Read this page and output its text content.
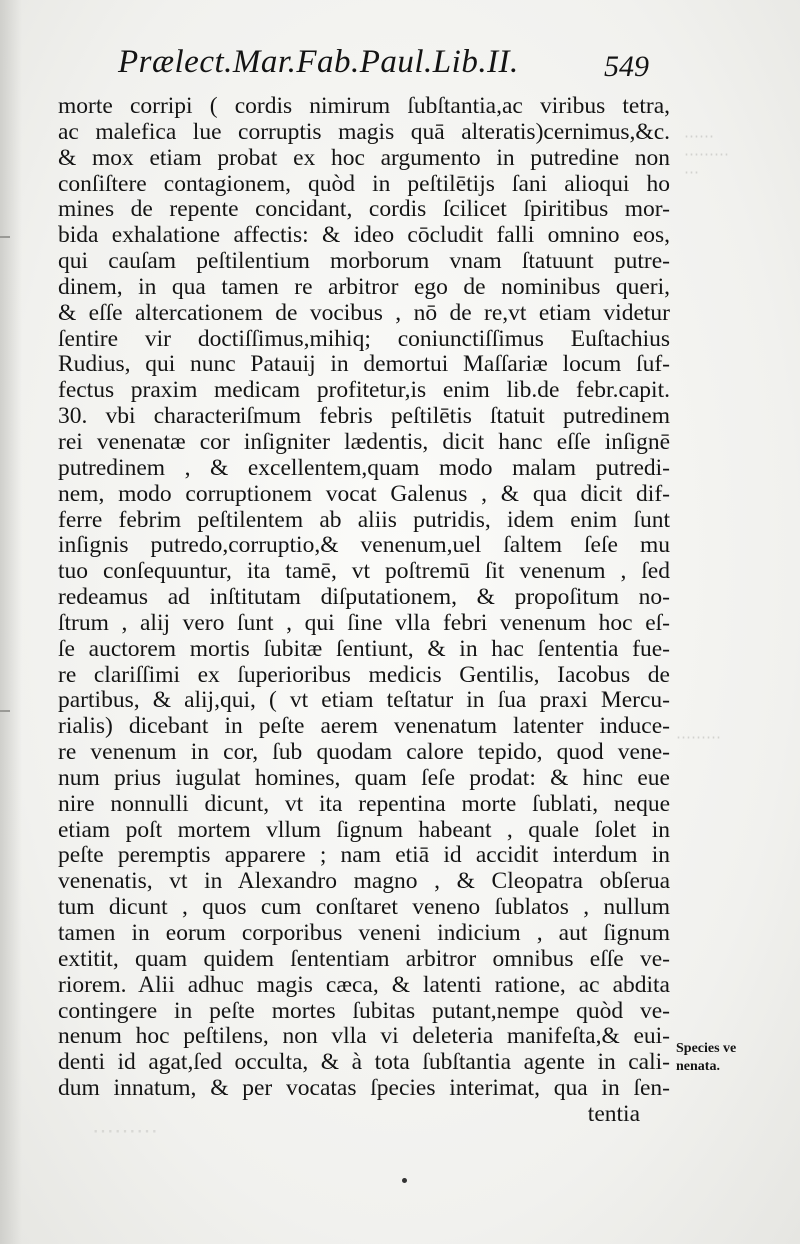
Prælect.Mar.Fab.Paul.Lib.II.	549
morte corripi ( cordis nimirum ſubſtantia,ac viribus tetra,
ac malefica lue corruptis magis quā alteratis)cernimus,&c.
& mox etiam probat ex hoc argumento in putredine non
conſiſtere contagionem, quòd in peſtilētijs ſani alioqui ho
mines de repente concidant, cordis ſcilicet ſpiritibus mor-
bida exhalatione affectis: & ideo cōcludit falli omnino eos,
qui cauſam peſtilentium morborum vnam ſtatuunt putre-
dinem, in qua tamen re arbitror ego de nominibus queri,
& eſſe altercationem de vocibus , nō de re,vt etiam videtur
ſentire vir doctiſſimus,mihiq; coniunctiſſimus Euſtachius
Rudius, qui nunc Patauij in demortui Maſſariæ locum ſuf-
fectus praxim medicam profitetur,is enim lib.de febr.capit.
30. vbi characteriſmum febris peſtilētis ſtatuit putredinem
rei venenatæ cor inſigniter lædentis, dicit hanc eſſe inſignē
putredinem , & excellentem,quam modo malam putredi-
nem, modo corruptionem vocat Galenus , & qua dicit dif-
ferre febrim peſtilentem ab aliis putridis, idem enim ſunt
inſignis putredo,corruptio,& venenum,uel ſaltem ſeſe mu
tuo conſequuntur, ita tamē, vt poſtremū ſit venenum , ſed
redeamus ad inſtitutam diſputationem, & propoſitum no-
ſtrum , alij vero ſunt , qui ſine vlla febri venenum hoc eſ-
ſe auctorem mortis ſubitæ ſentiunt, & in hac ſententia fue-
re clariſſimi ex ſuperioribus medicis Gentilis, Iacobus de
partibus, & alij,qui, ( vt etiam teſtatur in ſua praxi Mercu-
rialis) dicebant in peſte aerem venenatum latenter induce-
re venenum in cor, ſub quodam calore tepido, quod vene-
num prius iugulat homines, quam ſeſe prodat: & hinc eue
nire nonnulli dicunt, vt ita repentina morte ſublati, neque
etiam poſt mortem vllum ſignum habeant , quale ſolet in
peſte peremptis apparere ; nam etiā id accidit interdum in
venenatis, vt in Alexandro magno , & Cleopatra obſerua
tum dicunt , quos cum conſtaret veneno ſublatos , nullum
tamen in eorum corporibus veneni indicium , aut ſignum
extitit, quam quidem ſententiam arbitror omnibus eſſe ve-
riorem. Alii adhuc magis cæca, & latenti ratione, ac abdita
contingere in peſte mortes ſubitas putant,nempe quòd ve-
nenum hoc peſtilens, non vlla vi deleteria manifeſta,& eui-
denti id agat,ſed occulta, & à tota ſubſtantia agente in cali-
dum innatum, & per vocatas ſpecies interimat, qua in ſen-
tentia
Species ve
nenata.
⋯⋯
⋯⋯⋯
⋯
⋯⋯⋯
⋯⋯⋯
